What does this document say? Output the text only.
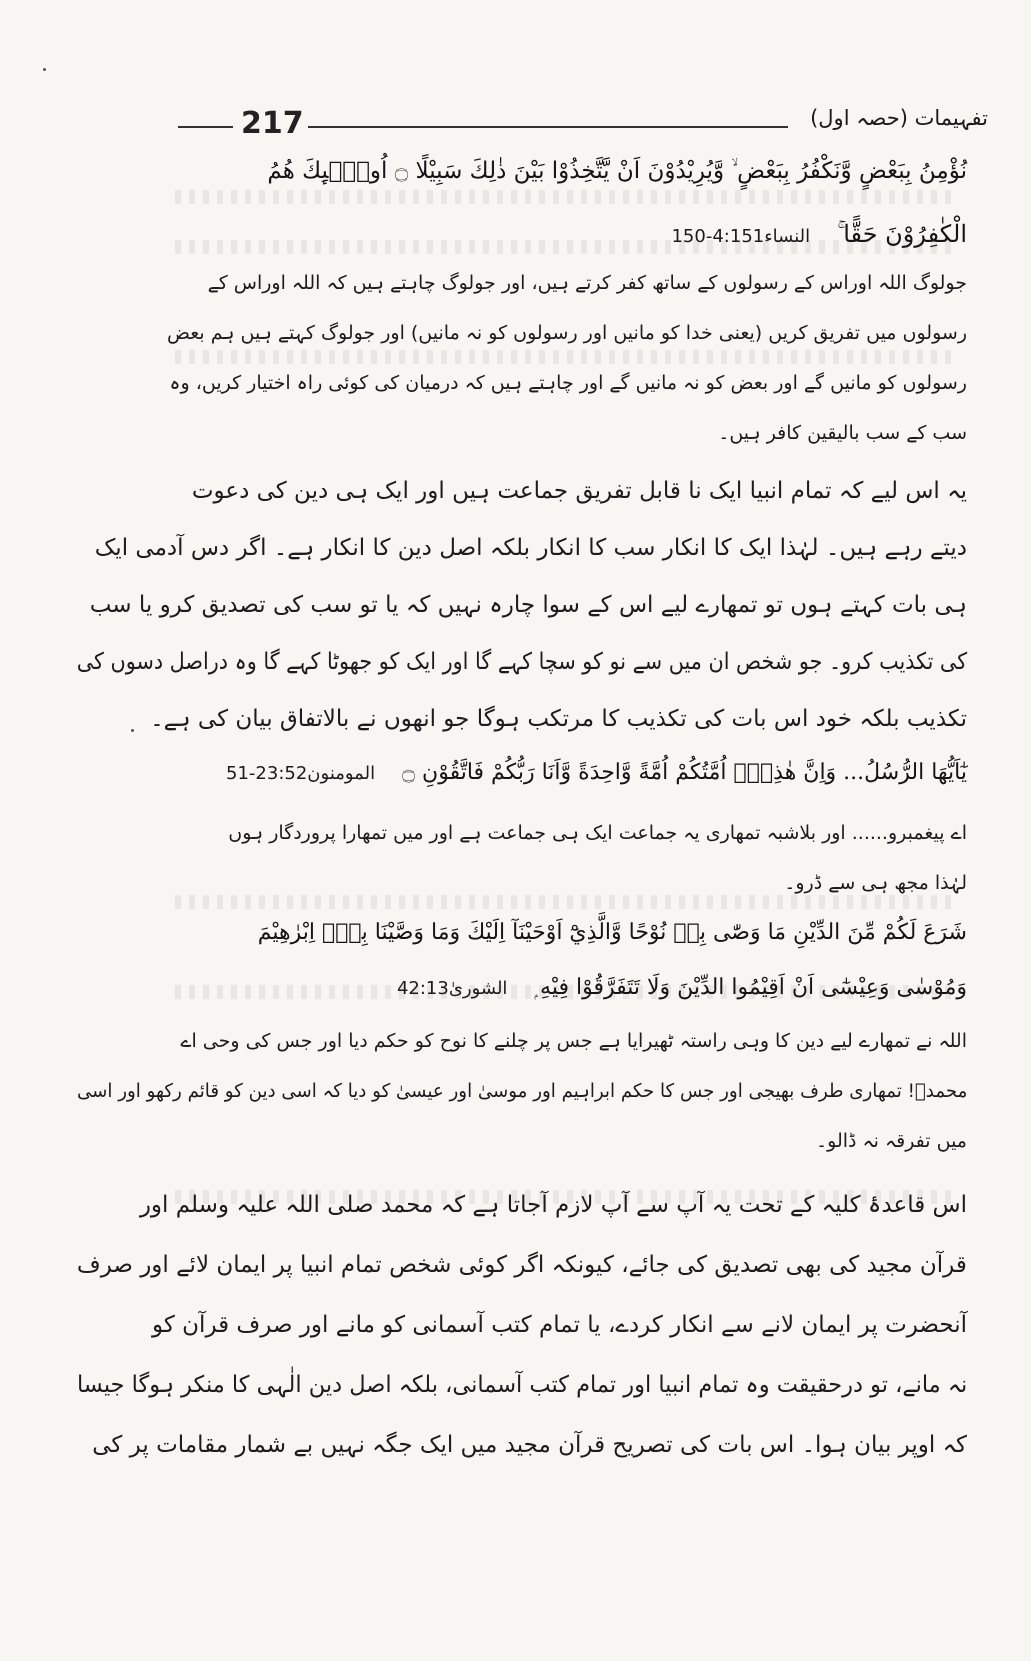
217	تفہیمات (حصہ اول)
نُؤْمِنُ بِبَعْضٍ وَّنَكْفُرُ بِبَعْضٍ ۙ وَّيُرِيْدُوْنَ اَنْ يَّتَّخِذُوْا بَيْنَ ذٰلِكَ سَبِيْلًا ۝ اُولٰۗىِٕكَ هُمُ
الْكٰفِرُوْنَ حَقًّا ۚ النساء4:151-150
جولوگ اللہ اوراس کے رسولوں کے ساتھ کفر کرتے ہیں، اور جولوگ چاہتے ہیں کہ اللہ اوراس کے
رسولوں میں تفریق کریں (یعنی خدا کو مانیں اور رسولوں کو نہ مانیں) اور جولوگ کہتے ہیں ہم بعض
رسولوں کو مانیں گے اور بعض کو نہ مانیں گے اور چاہتے ہیں کہ درمیان کی کوئی راہ اختیار کریں، وہ
سب کے سب بالیقین کافر ہیں۔
یہ اس لیے کہ تمام انبیا ایک نا قابل تفریق جماعت ہیں اور ایک ہی دین کی دعوت
دیتے رہے ہیں۔ لہٰذا ایک کا انکار سب کا انکار بلکہ اصل دین کا انکار ہے۔ اگر دس آدمی ایک
ہی بات کہتے ہوں تو تمھارے لیے اس کے سوا چارہ نہیں کہ یا تو سب کی تصدیق کرو یا سب
کی تکذیب کرو۔ جو شخص ان میں سے نو کو سچا کہے گا اور ایک کو جھوٹا کہے گا وہ دراصل دسوں کی
تکذیب بلکہ خود اس بات کی تکذیب کا مرتکب ہوگا جو انھوں نے بالاتفاق بیان کی ہے۔
يٰٓاَيُّهَا الرُّسُلُ... وَاِنَّ هٰذِهٖٓ اُمَّتُكُمْ اُمَّةً وَّاحِدَةً وَّاَنَا رَبُّكُمْ فَاتَّقُوْنِ ۝ المومنون23:52-51
اے پیغمبرو...... اور بلاشبہ تمھاری یہ جماعت ایک ہی جماعت ہے اور میں تمھارا پروردگار ہوں
لہٰذا مجھ ہی سے ڈرو۔
شَرَعَ لَكُمْ مِّنَ الدِّيْنِ مَا وَصّٰى بِهٖ نُوْحًا وَّالَّذِيْٓ اَوْحَيْنَآ اِلَيْكَ وَمَا وَصَّيْنَا بِهٖٓ اِبْرٰهِيْمَ
وَمُوْسٰى وَعِيْسٰٓى اَنْ اَقِيْمُوا الدِّيْنَ وَلَا تَتَفَرَّقُوْا فِيْهِ ۭ الشوریٰ42:13
اللہ نے تمھارے لیے دین کا وہی راستہ ٹھیرایا ہے جس پر چلنے کا نوح کو حکم دیا اور جس کی وحی اے
محمدؐ! تمھاری طرف بھیجی اور جس کا حکم ابراہیم اور موسیٰ اور عیسیٰ کو دیا کہ اسی دین کو قائم رکھو اور اسی
میں تفرقہ نہ ڈالو۔
اس قاعدۂ کلیہ کے تحت یہ آپ سے آپ لازم آجاتا ہے کہ محمد صلی اللہ علیہ وسلم اور
قرآن مجید کی بھی تصدیق کی جائے، کیونکہ اگر کوئی شخص تمام انبیا پر ایمان لائے اور صرف
آنحضرت پر ایمان لانے سے انکار کردے، یا تمام کتب آسمانی کو مانے اور صرف قرآن کو
نہ مانے، تو درحقیقت وہ تمام انبیا اور تمام کتب آسمانی، بلکہ اصل دین الٰہی کا منکر ہوگا جیسا
کہ اوپر بیان ہوا۔ اس بات کی تصریح قرآن مجید میں ایک جگہ نہیں بے شمار مقامات پر کی
